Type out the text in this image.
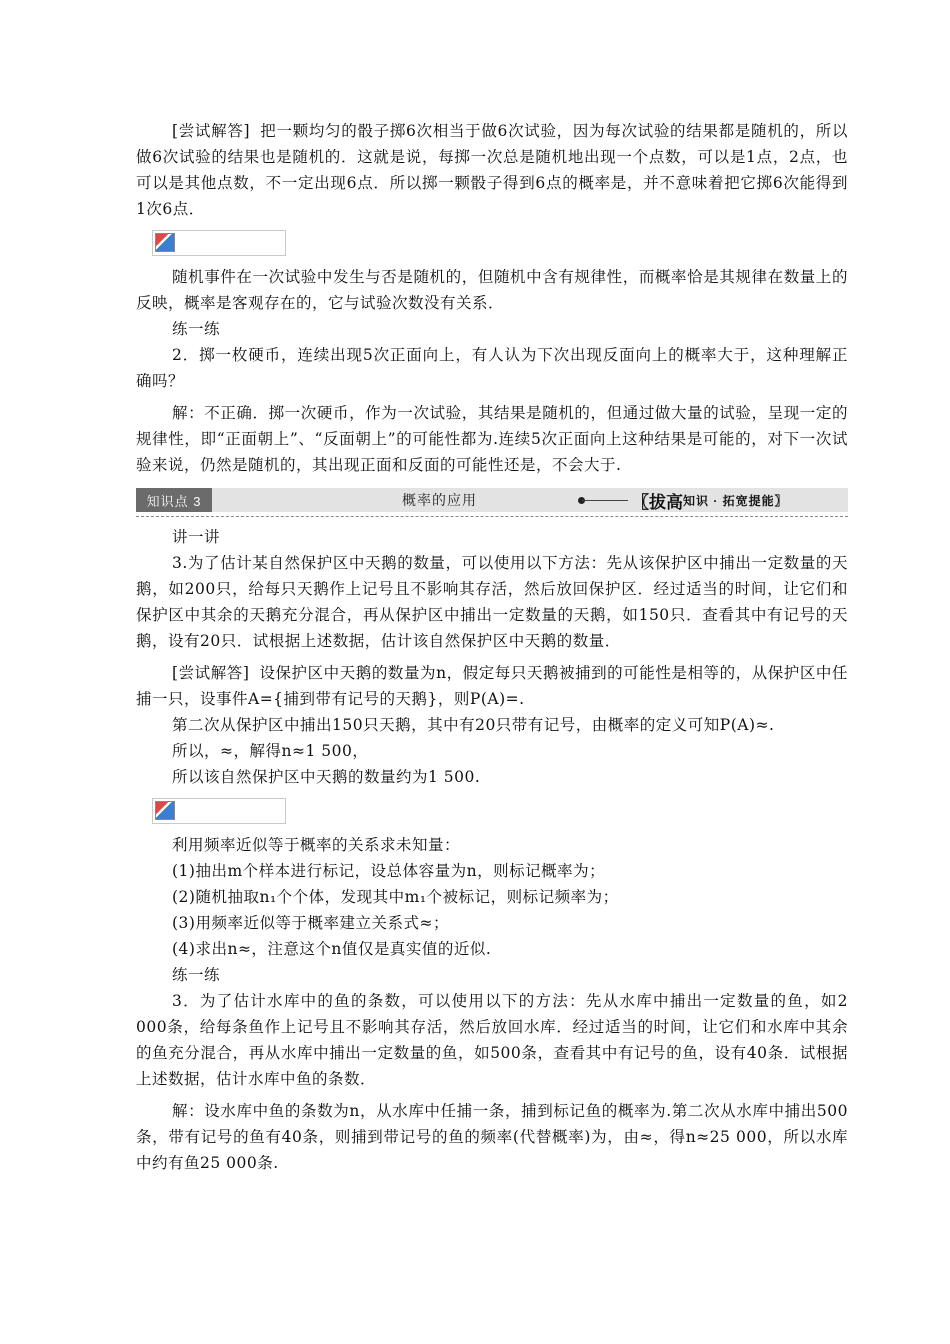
[尝试解答] 把一颗均匀的骰子掷6次相当于做6次试验，因为每次试验的结果都是随机的，所以做6次试验的结果也是随机的．这就是说，每掷一次总是随机地出现一个点数，可以是1点，2点，也可以是其他点数，不一定出现6点．所以掷一颗骰子得到6点的概率是，并不意味着把它掷6次能得到1次6点．

随机事件在一次试验中发生与否是随机的，但随机中含有规律性，而概率恰是其规律在数量上的反映，概率是客观存在的，它与试验次数没有关系．

练一练

2．掷一枚硬币，连续出现5次正面向上，有人认为下次出现反面向上的概率大于，这种理解正确吗？

解：不正确．掷一次硬币，作为一次试验，其结果是随机的，但通过做大量的试验，呈现一定的规律性，即“正面朝上”、“反面朝上”的可能性都为.连续5次正面向上这种结果是可能的，对下一次试验来说，仍然是随机的，其出现正面和反面的可能性还是，不会大于.

知识点 3	概率的应用	〖拔高 知识 · 拓宽提能〗

讲一讲

3.为了估计某自然保护区中天鹅的数量，可以使用以下方法：先从该保护区中捕出一定数量的天鹅，如200只，给每只天鹅作上记号且不影响其存活，然后放回保护区．经过适当的时间，让它们和保护区中其余的天鹅充分混合，再从保护区中捕出一定数量的天鹅，如150只．查看其中有记号的天鹅，设有20只．试根据上述数据，估计该自然保护区中天鹅的数量．

[尝试解答] 设保护区中天鹅的数量为n，假定每只天鹅被捕到的可能性是相等的，从保护区中任捕一只，设事件A={捕到带有记号的天鹅}，则P(A)=.

第二次从保护区中捕出150只天鹅，其中有20只带有记号，由概率的定义可知P(A)≈.

所以，≈，解得n≈1 500，

所以该自然保护区中天鹅的数量约为1 500.

利用频率近似等于概率的关系求未知量：

(1)抽出m个样本进行标记，设总体容量为n，则标记概率为；

(2)随机抽取n₁个个体，发现其中m₁个被标记，则标记频率为；

(3)用频率近似等于概率建立关系式≈；

(4)求出n≈，注意这个n值仅是真实值的近似.

练一练

3．为了估计水库中的鱼的条数，可以使用以下的方法：先从水库中捕出一定数量的鱼，如2 000条，给每条鱼作上记号且不影响其存活，然后放回水库．经过适当的时间，让它们和水库中其余的鱼充分混合，再从水库中捕出一定数量的鱼，如500条，查看其中有记号的鱼，设有40条．试根据上述数据，估计水库中鱼的条数．

解：设水库中鱼的条数为n，从水库中任捕一条，捕到标记鱼的概率为.第二次从水库中捕出500条，带有记号的鱼有40条，则捕到带记号的鱼的频率(代替概率)为，由≈，得n≈25 000，所以水库中约有鱼25 000条.
